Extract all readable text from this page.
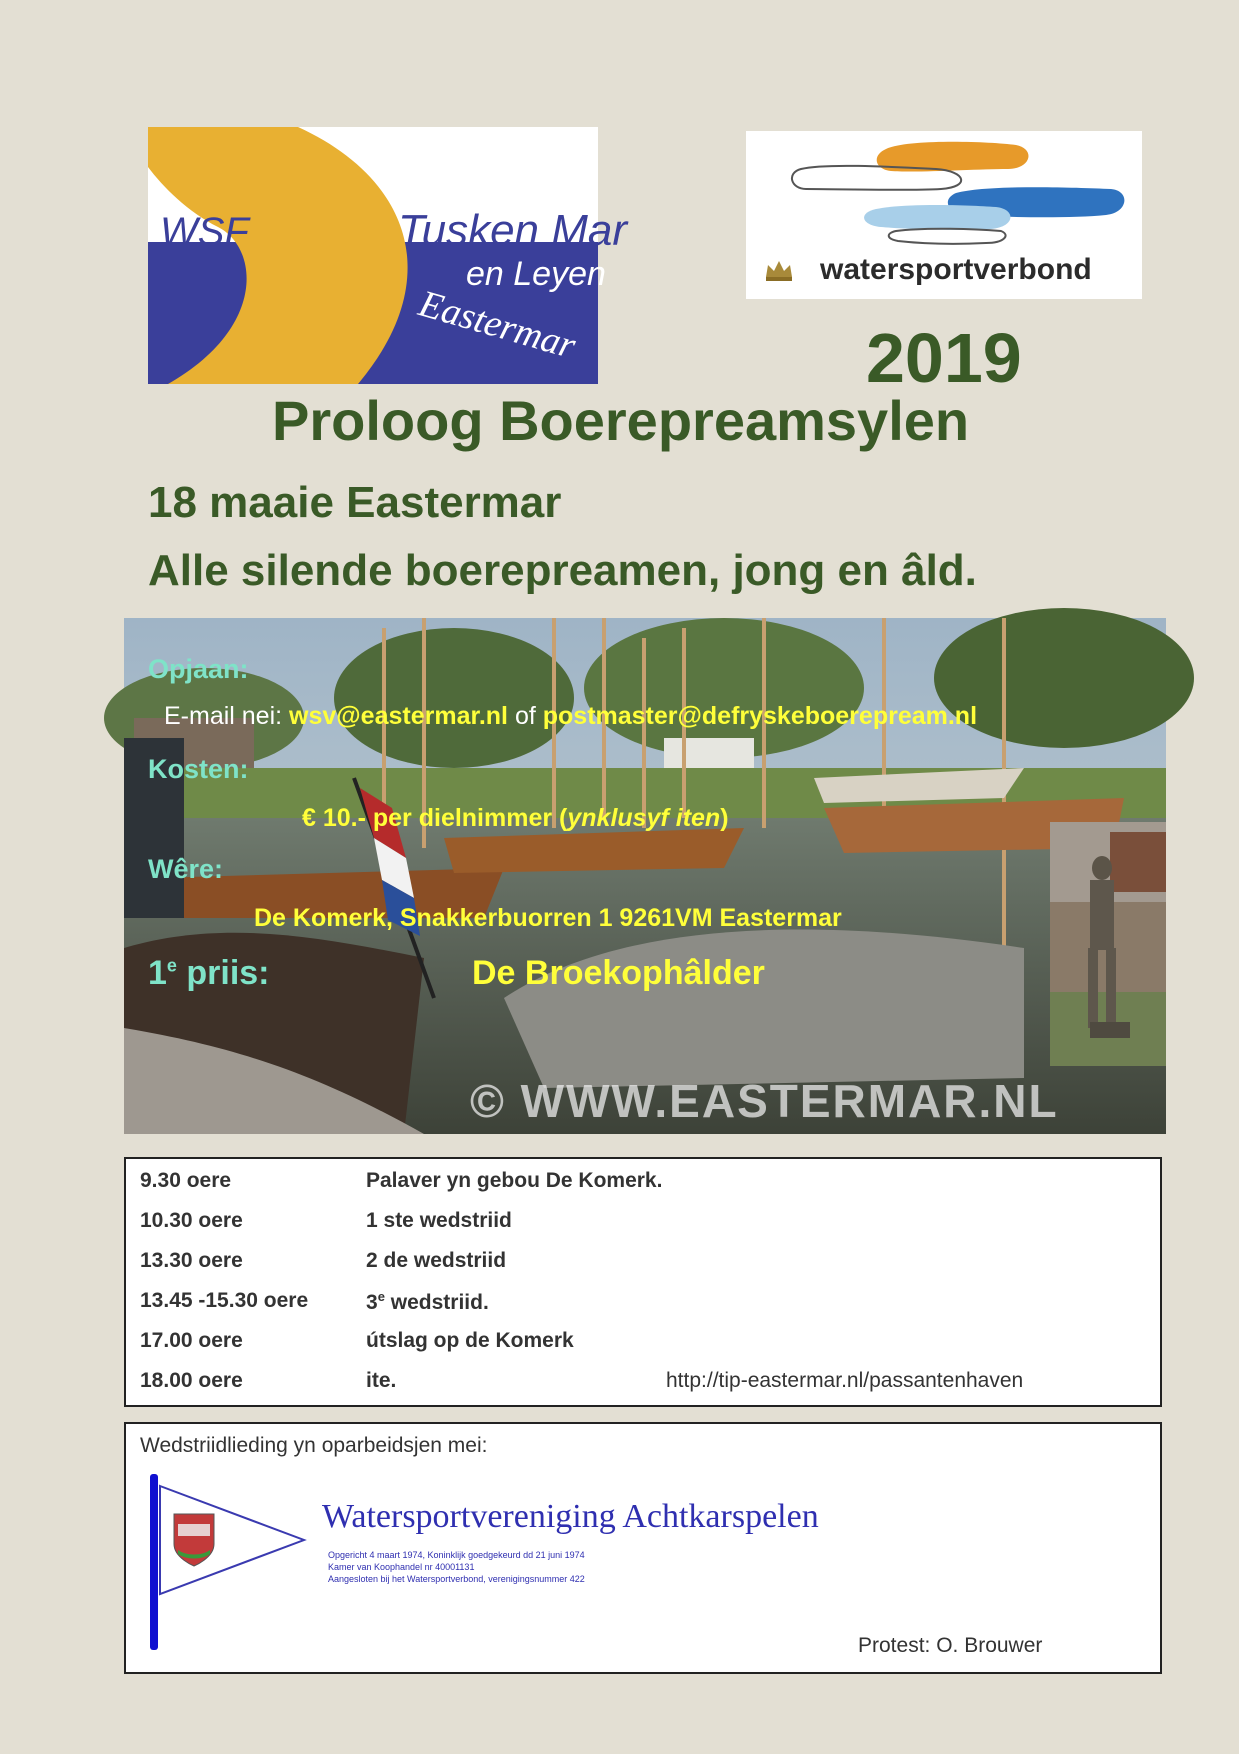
WSF	Tusken Mar
en Leyen
Eastermar
watersportverbond
2019
Proloog Boerepreamsylen
18 maaie Eastermar
Alle silende boerepreamen, jong en âld.
Opjaan:
E-mail nei: wsv@eastermar.nl of postmaster@defryskeboerepream.nl
Kosten:
€ 10.- per dielnimmer (ynklusyf iten)
Wêre:
De Komerk, Snakkerbuorren 1 9261VM Eastermar
1e priis:	De Broekophâlder
© WWW.EASTERMAR.NL
9.30 oere	Palaver yn gebou De Komerk.
10.30 oere	1 ste wedstriid
13.30 oere	2 de wedstriid
13.45 -15.30 oere	3e wedstriid.
17.00 oere	útslag op de Komerk
18.00 oere	ite.	http://tip-eastermar.nl/passantenhaven
Wedstriidlieding yn oparbeidsjen mei:
Watersportvereniging Achtkarspelen
Opgericht 4 maart 1974, Koninklijk goedgekeurd dd 21 juni 1974
Kamer van Koophandel nr 40001131
Aangesloten bij het Watersportverbond, verenigingsnummer 422
Protest: O. Brouwer
